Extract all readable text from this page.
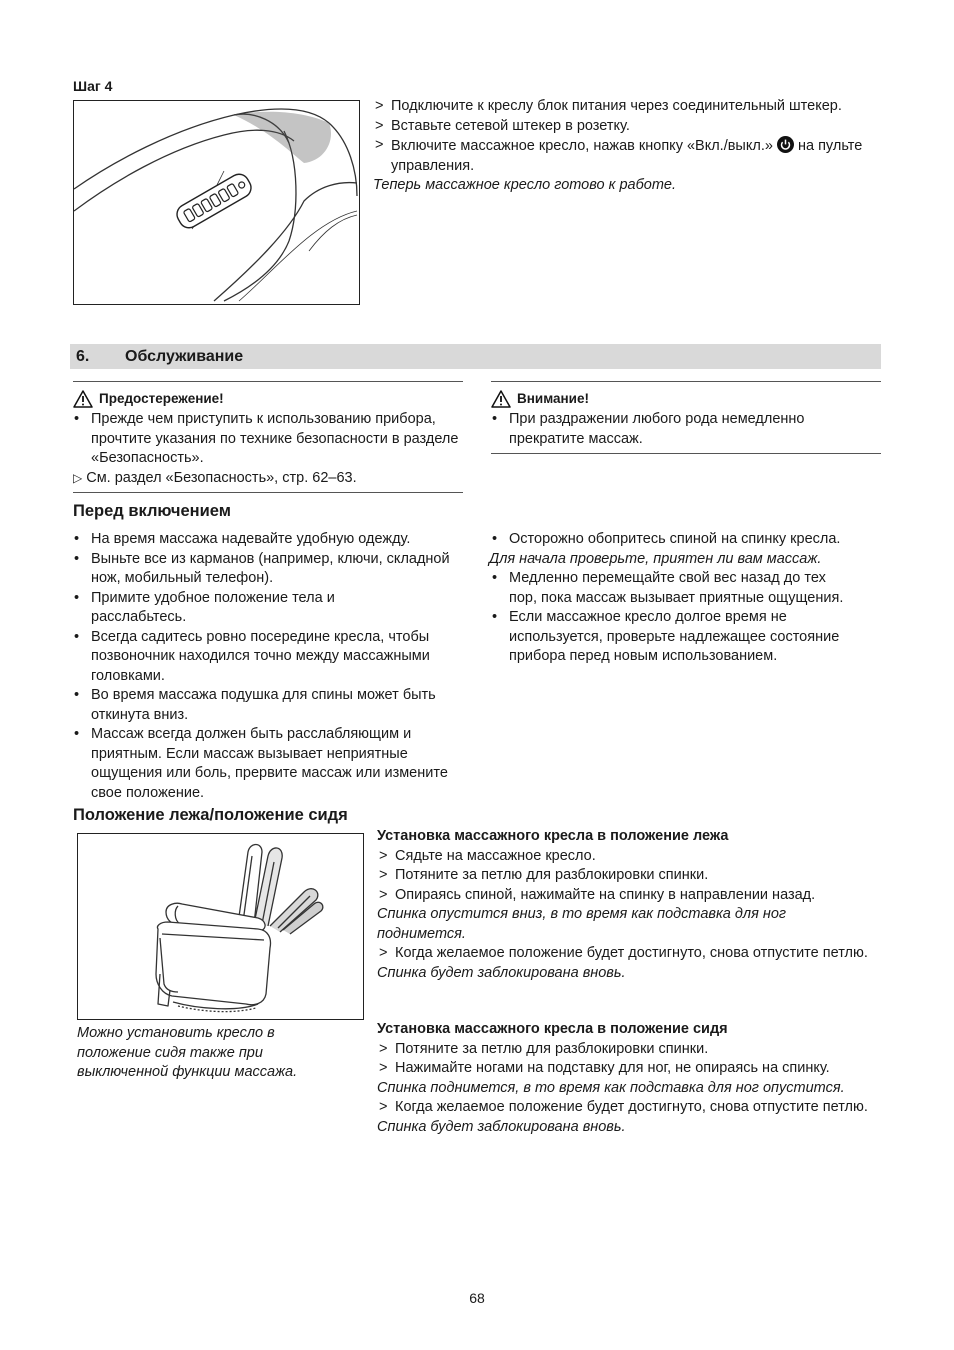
Шаг 4
> Подключите к креслу блок питания через соединительный штекер.
> Вставьте сетевой штекер в розетку.
> Включите массажное кресло, нажав кнопку «Вкл./выкл.» на пульте управления.

Теперь массажное кресло готово к работе.

6. Обслуживание
Предостережение!
• Прежде чем приступить к использованию прибора, прочтите указания по технике безопасности в разделе «Безопасность».

▷ См. раздел «Безопасность», стр. 62–63.

Внимание!
• При раздражении любого рода немедленно прекратите массаж.
Перед включением
• На время массажа надевайте удобную одежду.
• Выньте все из карманов (например, ключи, складной нож, мобильный телефон).
• Примите удобное положение тела и расслабьтесь.
• Всегда садитесь ровно посередине кресла, чтобы позвоночник находился точно между массажными головками.
• Во время массажа подушка для спины может быть откинута вниз.
• Массаж всегда должен быть расслабляющим и приятным. Если массаж вызывает неприятные ощущения или боль, прервите массаж или измените свое положение.
• Осторожно обопритесь спиной на спинку кресла.

Для начала проверьте, приятен ли вам массаж.

• Медленно перемещайте свой вес назад до тех пор, пока массаж вызывает приятные ощущения.
• Если массажное кресло долгое время не используется, проверьте надлежащее состояние прибора перед новым использованием.
Положение лежа/положение сидя
Можно установить кресло в положение сидя также при выключенной функции массажа.

Установка массажного кресла в положение лежа

> Сядьте на массажное кресло.
> Потяните за петлю для разблокировки спинки.
> Опираясь спиной, нажимайте на спинку в направлении назад.

Спинка опустится вниз, в то время как подставка для ног поднимется.

> Когда желаемое положение будет достигнуто, снова отпустите петлю.

Спинка будет заблокирована вновь.

Установка массажного кресла в положение сидя

> Потяните за петлю для разблокировки спинки.
> Нажимайте ногами на подставку для ног, не опираясь на спинку.

Спинка поднимется, в то время как подставка для ног опустится.

> Когда желаемое положение будет достигнуто, снова отпустите петлю.

Спинка будет заблокирована вновь.

68
